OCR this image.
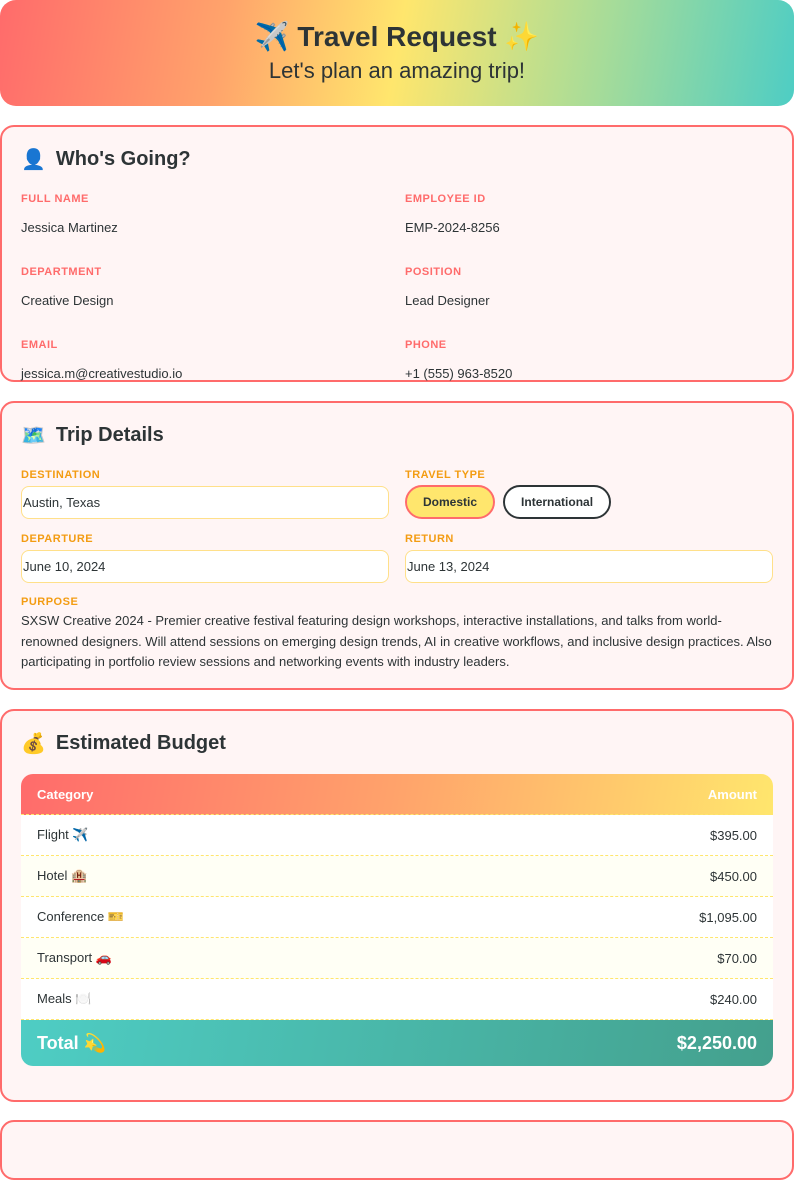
✈️ Travel Request ✨
Let's plan an amazing trip!
👤 Who's Going?
FULL NAME
Jessica Martinez
EMPLOYEE ID
EMP-2024-8256
DEPARTMENT
Creative Design
POSITION
Lead Designer
EMAIL
jessica.m@creativestudio.io
PHONE
+1 (555) 963-8520
🗺️ Trip Details
DESTINATION
Austin, Texas
TRAVEL TYPE
Domestic	International
DEPARTURE
June 10, 2024
RETURN
June 13, 2024
PURPOSE
SXSW Creative 2024 - Premier creative festival featuring design workshops, interactive installations, and talks from world-renowned designers. Will attend sessions on emerging design trends, AI in creative workflows, and inclusive design practices. Also participating in portfolio review sessions and networking events with industry leaders.
💰 Estimated Budget
Category	Amount
Flight ✈️	$395.00
Hotel 🏨	$450.00
Conference 🎫	$1,095.00
Transport 🚗	$70.00
Meals 🍽️	$240.00
Total 💫	$2,250.00
